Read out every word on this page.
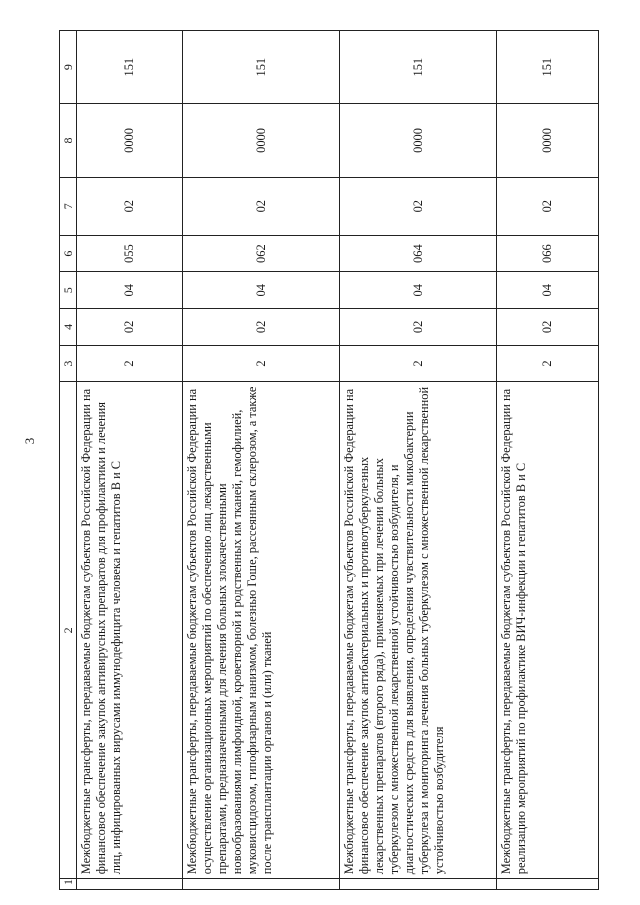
3
1	2	3	4	5	6	7	8	9
	Межбюджетные трансферты, передаваемые бюджетам субъектов Российской Федерации на финансовое обеспечение закупок антивирусных препаратов для профилактики и лечения лиц, инфицированных вирусами иммунодефицита человека и гепатитов В и С	2	02	04	055	02	0000	151
	Межбюджетные трансферты, передаваемые бюджетам субъектов Российской Федерации на осуществление организационных мероприятий по обеспечению лиц лекарственными препаратами, предназначенными для лечения больных злокачественными новообразованиями лимфоидной, кроветворной и родственных им тканей, гемофилией, муковисцидозом, гипофизарным нанизмом, болезнью Гоше, рассеянным склерозом, а также после трансплантации органов и (или) тканей	2	02	04	062	02	0000	151
	Межбюджетные трансферты, передаваемые бюджетам субъектов Российской Федерации на финансовое обеспечение закупок антибактериальных и противотуберкулезных лекарственных препаратов (второго ряда), применяемых при лечении больных туберкулезом с множественной лекарственной устойчивостью возбудителя, и диагностических средств для выявления, определения чувствительности микобактерии туберкулеза и мониторинга лечения больных туберкулезом с множественной лекарственной устойчивостью возбудителя	2	02	04	064	02	0000	151
	Межбюджетные трансферты, передаваемые бюджетам субъектов Российской Федерации на реализацию мероприятий по профилактике ВИЧ-инфекции и гепатитов В и С	2	02	04	066	02	0000	151
